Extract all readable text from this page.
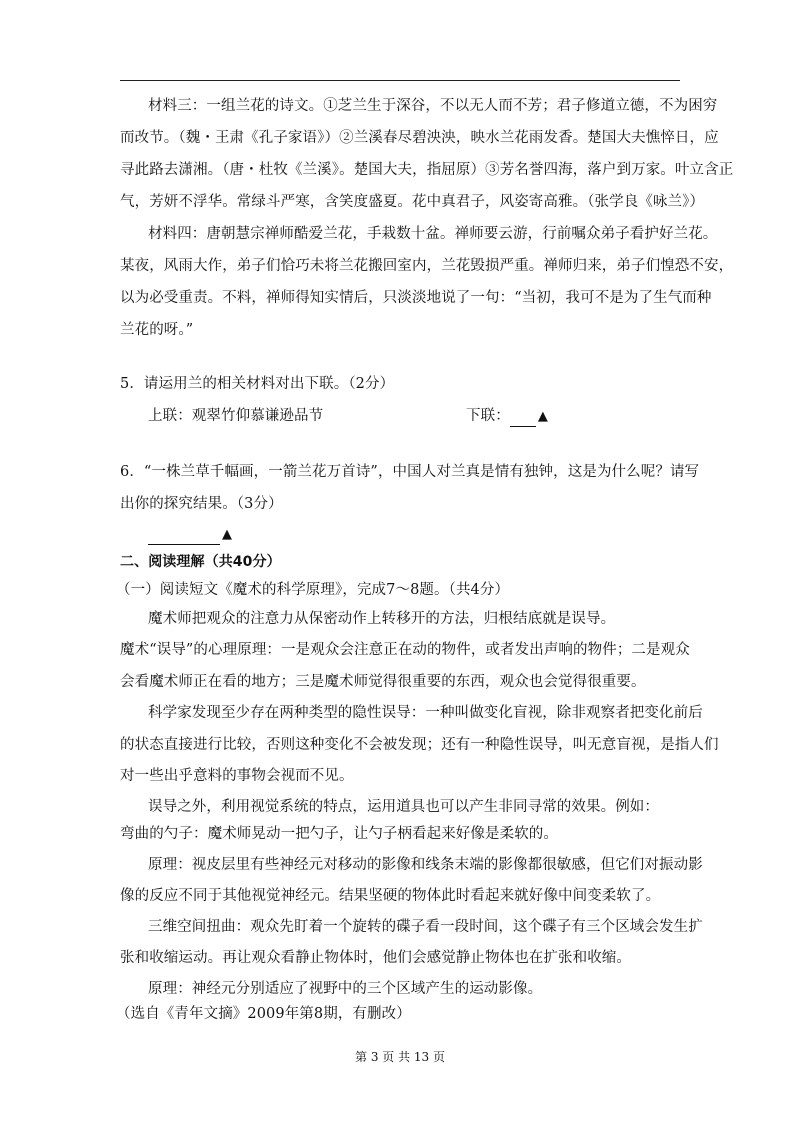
材料三：一组兰花的诗文。①芝兰生于深谷，不以无人而不芳；君子修道立德，不为困穷
而改节。（魏・王肃《孔子家语》）②兰溪春尽碧泱泱，映水兰花雨发香。楚国大夫憔悴日，应
寻此路去潇湘。（唐・杜牧《兰溪》。楚国大夫，指屈原）③芳名誉四海，落户到万家。叶立含正
气，芳妍不浮华。常绿斗严寒，含笑度盛夏。花中真君子，风姿寄高雅。（张学良《咏兰》）
材料四：唐朝慧宗禅师酷爱兰花，手栽数十盆。禅师要云游，行前嘱众弟子看护好兰花。
某夜，风雨大作，弟子们恰巧未将兰花搬回室内，兰花毁损严重。禅师归来，弟子们惶恐不安，
以为必受重责。不料，禅师得知实情后，只淡淡地说了一句：“当初，我可不是为了生气而种
兰花的呀。”
5．请运用兰的相关材料对出下联。（2分）
上联：观翠竹仰慕谦逊品节	下联： ▲
6．“一株兰草千幅画，一箭兰花万首诗”，中国人对兰真是情有独钟，这是为什么呢？请写
出你的探究结果。（3分）
▲
二、阅读理解（共40分）
（一）阅读短文《魔术的科学原理》，完成7～8题。（共4分）
魔术师把观众的注意力从保密动作上转移开的方法，归根结底就是误导。
魔术“误导”的心理原理：一是观众会注意正在动的物件，或者发出声响的物件；二是观众
会看魔术师正在看的地方；三是魔术师觉得很重要的东西，观众也会觉得很重要。
科学家发现至少存在两种类型的隐性误导：一种叫做变化盲视，除非观察者把变化前后
的状态直接进行比较，否则这种变化不会被发现；还有一种隐性误导，叫无意盲视，是指人们
对一些出乎意料的事物会视而不见。
误导之外，利用视觉系统的特点，运用道具也可以产生非同寻常的效果。例如：
弯曲的勺子：魔术师晃动一把勺子，让勺子柄看起来好像是柔软的。
原理：视皮层里有些神经元对移动的影像和线条末端的影像都很敏感，但它们对振动影
像的反应不同于其他视觉神经元。结果坚硬的物体此时看起来就好像中间变柔软了。
三维空间扭曲：观众先盯着一个旋转的碟子看一段时间，这个碟子有三个区域会发生扩
张和收缩运动。再让观众看静止物体时，他们会感觉静止物体也在扩张和收缩。
原理：神经元分别适应了视野中的三个区域产生的运动影像。
（选自《青年文摘》2009年第8期，有删改）
第 3 页 共 13 页
